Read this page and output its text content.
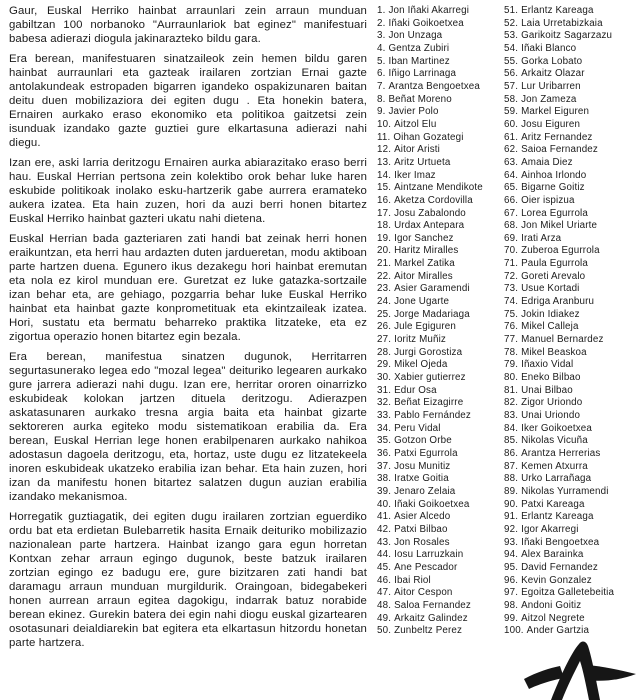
Gaur, Euskal Herriko hainbat arraunlari zein arraun munduan gabiltzan 100 norbanoko "Aurraunlariok bat eginez" manifestuari babesa adierazi diogula jakinarazteko bildu gara.

Era berean, manifestuaren sinatzaileok zein hemen bildu garen hainbat aurraunlari eta gazteak irailaren zortzian Ernai gazte antolakundeak estropaden bigarren igandeko ospakizunaren baitan deitu duen mobilizaziora dei egiten dugu . Eta honekin batera, Ernairen aurkako eraso ekonomiko eta politikoa gaitzetsi zein isunduak izandako gazte guztiei gure elkartasuna adierazi nahi diegu.

Izan ere, aski larria deritzogu Ernairen aurka abiarazitako eraso berri hau. Euskal Herrian pertsona zein kolektibo orok behar luke haren eskubide politikoak inolako esku-hartzerik gabe aurrera eramateko aukera izatea. Eta hain zuzen, hori da auzi berri honen bitartez Euskal Herriko hainbat gazteri ukatu nahi dietena.

Euskal Herrian bada gazteriaren zati handi bat zeinak herri honen eraikuntzan, eta herri hau ardazten duten jardueretan, modu aktiboan parte hartzen duena. Egunero ikus dezakegu hori hainbat eremutan eta nola ez kirol munduan ere. Guretzat ez luke gatazka-sortzaile izan behar eta, are gehiago, pozgarria behar luke Euskal Herriko hainbat eta hainbat gazte konprometituak eta ekintzaileak izatea. Hori, sustatu eta bermatu beharreko praktika litzateke, eta ez zigortua operazio honen bitartez egin bezala.

Era berean, manifestua sinatzen dugunok, Herritarren segurtasunerako legea edo "mozal legea" deituriko legearen aurkako gure jarrera adierazi nahi dugu. Izan ere, herritar ororen oinarrizko eskubideak kolokan jartzen dituela deritzogu. Adierazpen askatasunaren aurkako tresna argia baita eta hainbat gizarte sektoreren aurka egiteko modu sistematikoan erabilia da. Era berean, Euskal Herrian lege honen erabilpenaren aurkako nahikoa adostasun dagoela deritzogu, eta, hortaz, uste dugu ez litzatekeela inoren eskubideak ukatzeko erabilia izan behar. Eta hain zuzen, hori izan da manifestu honen bitartez salatzen dugun auzian erabilia izandako mekanismoa.

Horregatik guztiagatik, dei egiten dugu irailaren zortzian eguerdiko ordu bat eta erdietan Bulebarretik hasita Ernaik deituriko mobilizazio nazionalean parte hartzera. Hainbat izango gara egun horretan Kontxan zehar arraun egingo dugunok, beste batzuk irailaren zortzian egingo ez badugu ere, gure bizitzaren zati handi bat daramagu arraun munduan murgildurik. Oraingoan, bidegabekeri honen aurrean arraun egitea dagokigu, indarrak batuz norabide berean ekinez. Gurekin batera dei egin nahi diogu euskal gizartearen osotasunari deialdiarekin bat egitera eta elkartasun hitzordu honetan parte hartzera.

1. Jon Iñaki Akarregi
2. Iñaki Goikoetxea
3. Jon Unzaga
4. Gentza Zubiri
5. Iban Martinez
6. Iñigo Larrinaga
7. Arantza Bengoetxea
8. Beñat Moreno
9. Javier Polo
10. Aitzol Elu
11. Oihan Gozategi
12. Aitor Aristi
13. Aritz Urtueta
14. Iker Imaz
15. Aintzane Mendikote
16. Aketza Cordovilla
17. Josu Zabalondo
18. Urdax Antepara
19. Igor Sanchez
20. Haritz Miralles
21. Markel Zatika
22. Aitor Miralles
23. Asier Garamendi
24. Jone Ugarte
25. Jorge Madariaga
26. Jule Egiguren
27. Ioritz Muñiz
28. Jurgi Gorostiza
29. Mikel Ojeda
30. Xabier gutierrez
31. Edur Osa
32. Beñat Eizagirre
33. Pablo Fernández
34. Peru Vidal
35. Gotzon Orbe
36. Patxi Egurrola
37. Josu Munitiz
38. Iratxe Goitia
39. Jenaro Zelaia
40. Iñaki Goikoetxea
41. Asier Alcedo
42. Patxi Bilbao
43. Jon Rosales
44. Iosu Larruzkain
45. Ane Pescador
46. Ibai Riol
47. Aitor Cespon
48. Saloa Fernandez
49. Arkaitz Galindez
50. Zunbeltz Perez
51. Erlantz Kareaga
52. Laia Urretabizkaia
53. Garikoitz Sagarzazu
54. Iñaki Blanco
55. Gorka Lobato
56. Arkaitz Olazar
57. Lur Uribarren
58. Jon Zameza
59. Markel Eiguren
60. Josu Eiguren
61. Aritz Fernandez
62. Saioa Fernandez
63. Amaia Diez
64. Ainhoa Irlondo
65. Bigarne Goitiz
66. Oier ispizua
67. Lorea Egurrola
68. Jon Mikel Uriarte
69. Irati Arza
70. Zuberoa Egurrola
71. Paula Egurrola
72. Goreti Arevalo
73. Usue Kortadi
74. Edriga Aranburu
75. Jokin Idiakez
76. Mikel Calleja
77. Manuel Bernardez
78. Mikel Beaskoa
79. Iñaxio Vidal
80. Eneko Bilbao
81. Unai Bilbao
82. Zigor Uriondo
83. Unai Uriondo
84. Iker Goikoetxea
85. Nikolas Vicuña
86. Arantza Herrerias
87. Kemen Atxurra
88. Urko Larrañaga
89. Nikolas Yurramendi
90. Patxi Kareaga
91. Erlantz Kareaga
92. Igor Akarregi
93. Iñaki Bengoetxea
94. Alex Barainka
95. David Fernandez
96. Kevin Gonzalez
97. Egoitza Galletebeitia
98. Andoni Goitiz
99. Aitzol Negrete
100. Ander Gartzia
